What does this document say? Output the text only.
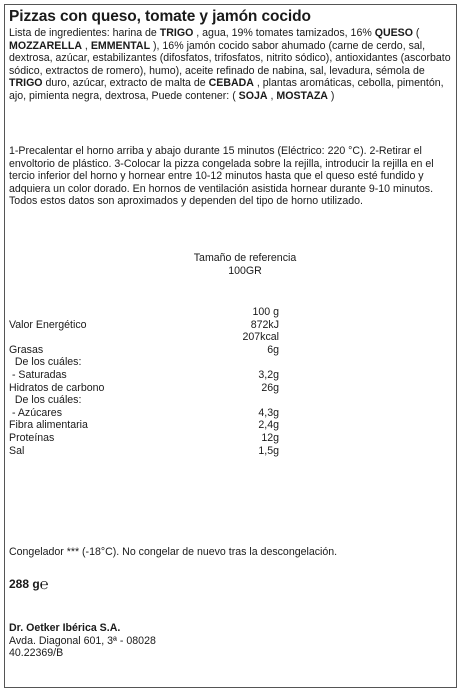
Pizzas con queso, tomate y jamón cocido
Lista de ingredientes: harina de TRIGO , agua, 19% tomates tamizados, 16% QUESO ( MOZZARELLA , EMMENTAL ), 16% jamón cocido sabor ahumado (carne de cerdo, sal, dextrosa, azúcar, estabilizantes (difosfatos, trifosfatos, nitrito sódico), antioxidantes (ascorbato sódico, extractos de romero), humo), aceite refinado de nabina, sal, levadura, sémola de TRIGO duro, azúcar, extracto de malta de CEBADA , plantas aromáticas, cebolla, pimentón, ajo, pimienta negra, dextrosa, Puede contener: ( SOJA , MOSTAZA )
1-Precalentar el horno arriba y abajo durante 15 minutos (Eléctrico: 220 °C). 2-Retirar el envoltorio de plástico. 3-Colocar la pizza congelada sobre la rejilla, introducir la rejilla en el tercio inferior del horno y hornear entre 10-12 minutos hasta que el queso esté fundido y adquiera un color dorado. En hornos de ventilación asistida hornear durante 9-10 minutos. Todos estos datos son aproximados y dependen del tipo de horno utilizado.
Tamaño de referencia
100GR
100 g
Valor Energético	872kJ
207kcal
Grasas	6g
De los cuáles:
- Saturadas	3,2g
Hidratos de carbono	26g
De los cuáles:
- Azúcares	4,3g
Fibra alimentaria	2,4g
Proteínas	12g
Sal	1,5g
Congelador *** (-18°C). No congelar de nuevo tras la descongelación.
288 g℮
Dr. Oetker Ibérica S.A.
Avda. Diagonal 601, 3ª - 08028
40.22369/B
